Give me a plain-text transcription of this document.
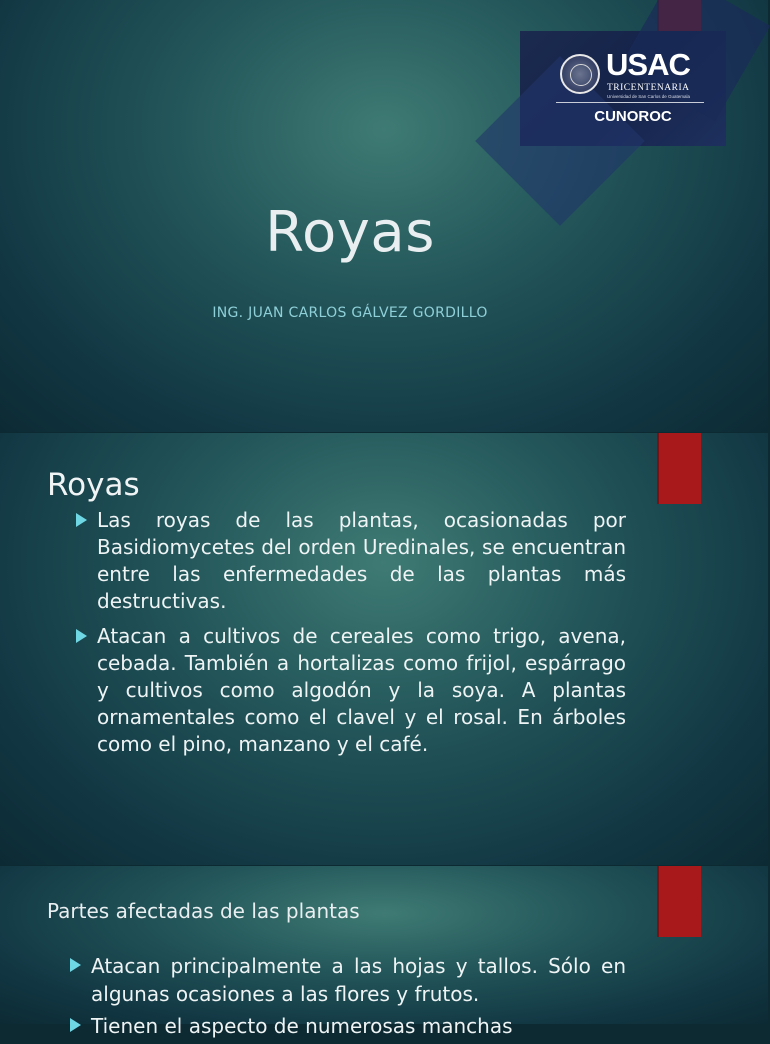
USAC
TRICENTENARIA
Universidad de San Carlos de Guatemala
CUNOROC
Royas
ING. JUAN CARLOS GÁLVEZ GORDILLO
Royas
Las royas de las plantas, ocasionadas por Basidiomycetes del orden Uredinales, se encuentran entre las enfermedades de las plantas más destructivas.
Atacan a cultivos de cereales como trigo, avena, cebada. También a hortalizas como frijol, espárrago y cultivos como algodón y la soya. A plantas ornamentales como el clavel y el rosal. En árboles como el pino, manzano y el café.
Partes afectadas de las plantas
Atacan principalmente a las hojas y tallos. Sólo en algunas ocasiones a las flores y frutos.
Tienen el aspecto de numerosas manchas
